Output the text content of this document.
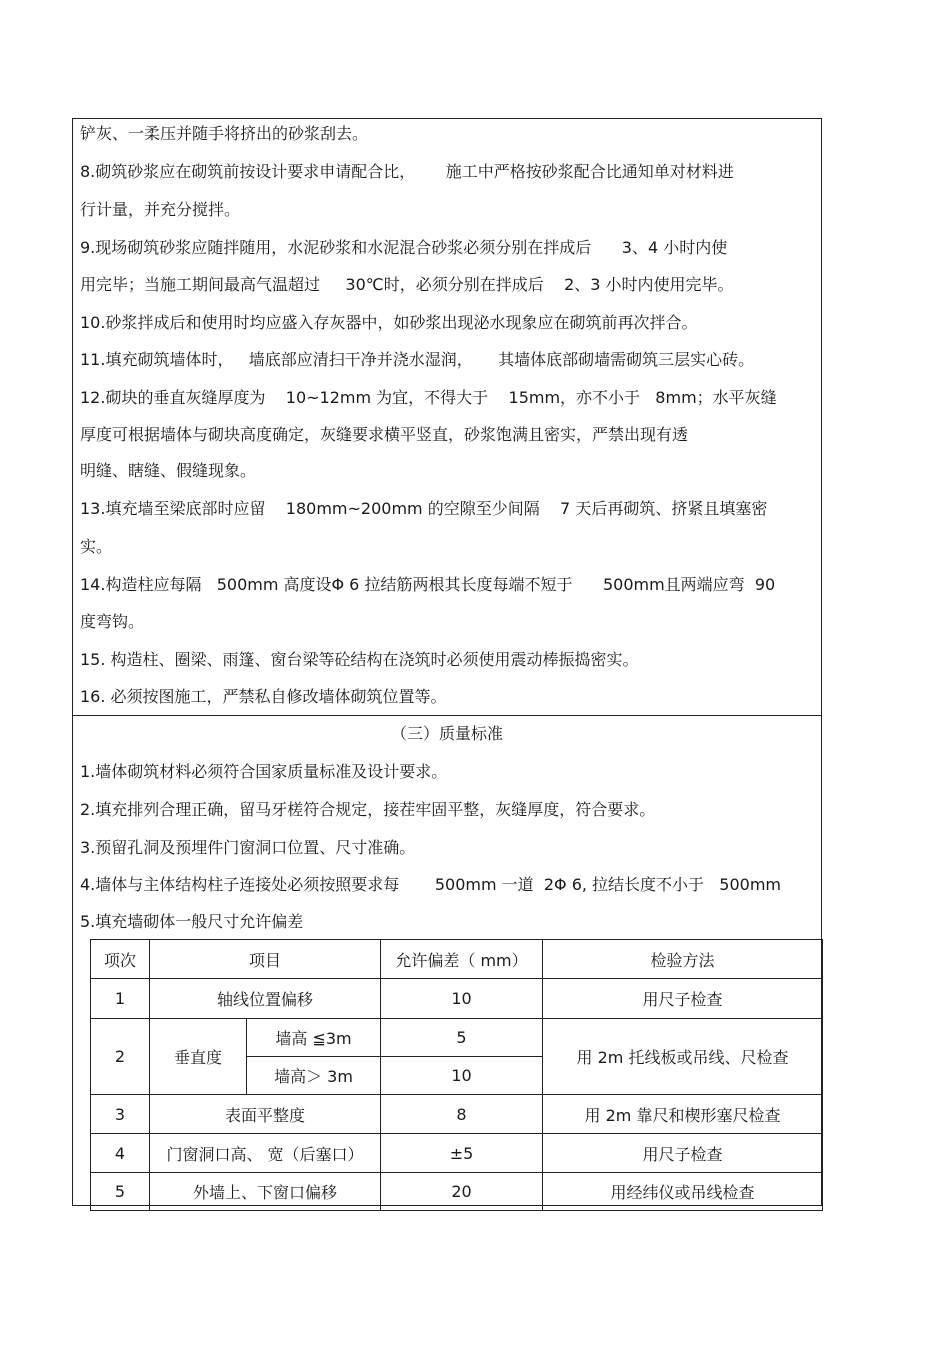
铲灰、一柔压并随手将挤出的砂浆刮去。
8.砌筑砂浆应在砌筑前按设计要求申请配合比，      施工中严格按砂浆配合比通知单对材料进
行计量，并充分搅拌。
9.现场砌筑砂浆应随拌随用，水泥砂浆和水泥混合砂浆必须分别在拌成后      3、4 小时内使
用完毕；当施工期间最高气温超过     30℃时，必须分别在拌成后    2、3 小时内使用完毕。
10.砂浆拌成后和使用时均应盛入存灰器中，如砂浆出现泌水现象应在砌筑前再次拌合。
11.填充砌筑墙体时，   墙底部应清扫干净并浇水湿润，     其墙体底部砌墙需砌筑三层实心砖。
12.砌块的垂直灰缝厚度为    10~12mm 为宜，不得大于    15mm，亦不小于   8mm；水平灰缝
厚度可根据墙体与砌块高度确定，灰缝要求横平竖直，砂浆饱满且密实，严禁出现有透
明缝、瞎缝、假缝现象。
13.填充墙至梁底部时应留    180mm~200mm 的空隙至少间隔    7 天后再砌筑、挤紧且填塞密
实。
14.构造柱应每隔   500mm 高度设Φ 6 拉结筋两根其长度每端不短于      500mm且两端应弯  90
度弯钩。
15. 构造柱、圈梁、雨篷、窗台梁等砼结构在浇筑时必须使用震动棒振捣密实。
16. 必须按图施工，严禁私自修改墙体砌筑位置等。
（三）质量标准
1.墙体砌筑材料必须符合国家质量标准及设计要求。
2.填充排列合理正确，留马牙槎符合规定，接茬牢固平整，灰缝厚度，符合要求。
3.预留孔洞及预埋件门窗洞口位置、尺寸准确。
4.墙体与主体结构柱子连接处必须按照要求每       500mm 一道  2Φ 6, 拉结长度不小于   500mm
5.填充墙砌体一般尺寸允许偏差
项次	项目		允许偏差（ mm）	检验方法
1	轴线位置偏移		10	用尺子检查
2	垂直度	墙高 ≦3m	5	用 2m 托线板或吊线、尺检查
		墙高＞ 3m	10	
3	表面平整度		8	用 2m 靠尺和楔形塞尺检查
4	门窗洞口高、 宽（后塞口）		±5	用尺子检查
5	外墙上、下窗口偏移		20	用经纬仪或吊线检查
